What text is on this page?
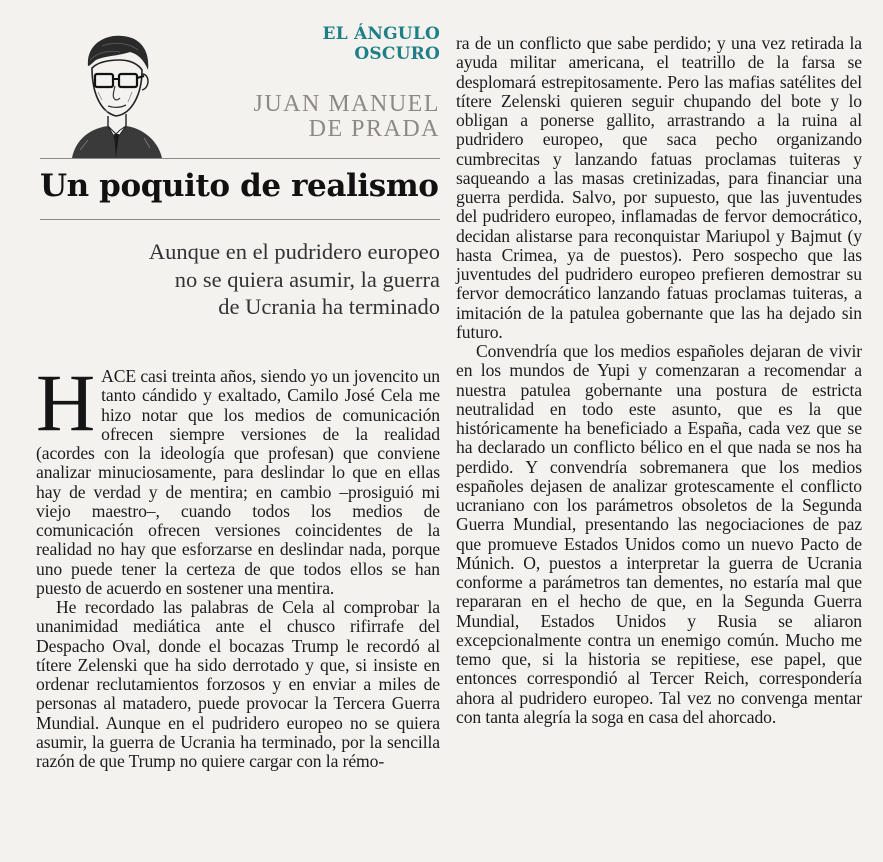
EL ÁNGULO OSCURO
JUAN MANUEL
DE PRADA
Un poquito de realismo

Aunque en el pudridero europeo

no se quiera asumir, la guerra

de Ucrania ha terminado

HACE casi treinta años, siendo yo un jovencito un tanto cándido y exaltado, Camilo José Cela me hizo notar que los medios de comunicación ofrecen siempre versiones de la realidad (acordes con la ideología que profesan) que conviene analizar minuciosamente, para deslindar lo que en ellas hay de verdad y de mentira; en cambio –prosiguió mi viejo maestro–, cuando todos los medios de comunicación ofrecen versiones coincidentes de la realidad no hay que esforzarse en deslindar nada, porque uno puede tener la certeza de que todos ellos se han puesto de acuerdo en sostener una mentira.

He recordado las palabras de Cela al comprobar la unanimidad mediática ante el chusco rifirrafe del Despacho Oval, donde el bocazas Trump le recordó al títere Zelenski que ha sido derrotado y que, si insiste en ordenar reclutamientos forzosos y en enviar a miles de personas al matadero, puede provocar la Tercera Guerra Mundial. Aunque en el pudridero europeo no se quiera asumir, la guerra de Ucrania ha terminado, por la sencilla razón de que Trump no quiere cargar con la rémo-

ra de un conflicto que sabe perdido; y una vez retirada la ayuda militar americana, el teatrillo de la farsa se desplomará estrepitosamente. Pero las mafias satélites del títere Zelenski quieren seguir chupando del bote y lo obligan a ponerse gallito, arrastrando a la ruina al pudridero europeo, que saca pecho organizando cumbrecitas y lanzando fatuas proclamas tuiteras y saqueando a las masas cretinizadas, para financiar una guerra perdida. Salvo, por supuesto, que las juventudes del pudridero europeo, inflamadas de fervor democrático, decidan alistarse para reconquistar Mariupol y Bajmut (y hasta Crimea, ya de puestos). Pero sospecho que las juventudes del pudridero europeo prefieren demostrar su fervor democrático lanzando fatuas proclamas tuiteras, a imitación de la patulea gobernante que las ha dejado sin futuro.

Convendría que los medios españoles dejaran de vivir en los mundos de Yupi y comenzaran a recomendar a nuestra patulea gobernante una postura de estricta neutralidad en todo este asunto, que es la que históricamente ha beneficiado a España, cada vez que se ha declarado un conflicto bélico en el que nada se nos ha perdido. Y convendría sobremanera que los medios españoles dejasen de analizar grotescamente el conflicto ucraniano con los parámetros obsoletos de la Segunda Guerra Mundial, presentando las negociaciones de paz que promueve Estados Unidos como un nuevo Pacto de Múnich. O, puestos a interpretar la guerra de Ucrania conforme a parámetros tan dementes, no estaría mal que repararan en el hecho de que, en la Segunda Guerra Mundial, Estados Unidos y Rusia se aliaron excepcionalmente contra un enemigo común. Mucho me temo que, si la historia se repitiese, ese papel, que entonces correspondió al Tercer Reich, correspondería ahora al pudridero europeo. Tal vez no convenga mentar con tanta alegría la soga en casa del ahorcado.
